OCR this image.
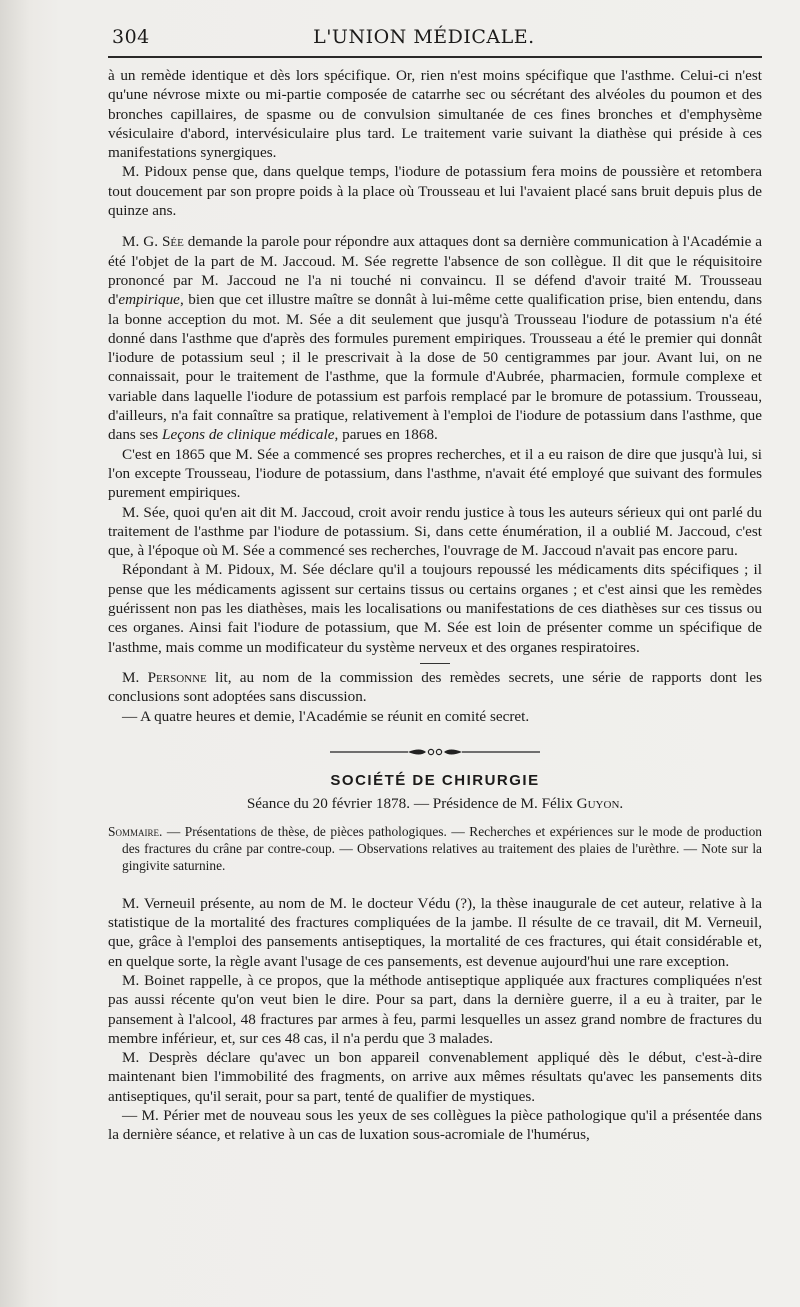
304	L'UNION MÉDICALE.

à un remède identique et dès lors spécifique. Or, rien n'est moins spécifique que l'asthme. Celui-ci n'est qu'une névrose mixte ou mi-partie composée de catarrhe sec ou sécrétant des alvéoles du poumon et des bronches capillaires, de spasme ou de convulsion simultanée de ces fines bronches et d'emphysème vésiculaire d'abord, intervésiculaire plus tard. Le traitement varie suivant la diathèse qui préside à ces manifestations synergiques.

M. Pidoux pense que, dans quelque temps, l'iodure de potassium fera moins de poussière et retombera tout doucement par son propre poids à la place où Trousseau et lui l'avaient placé sans bruit depuis plus de quinze ans.

M. G. Sée demande la parole pour répondre aux attaques dont sa dernière communication à l'Académie a été l'objet de la part de M. Jaccoud. M. Sée regrette l'absence de son collègue. Il dit que le réquisitoire prononcé par M. Jaccoud ne l'a ni touché ni convaincu. Il se défend d'avoir traité M. Trousseau d'empirique, bien que cet illustre maître se donnât à lui-même cette qualification prise, bien entendu, dans la bonne acception du mot. M. Sée a dit seulement que jusqu'à Trousseau l'iodure de potassium n'a été donné dans l'asthme que d'après des formules purement empiriques. Trousseau a été le premier qui donnât l'iodure de potassium seul ; il le prescrivait à la dose de 50 centigrammes par jour. Avant lui, on ne connaissait, pour le traitement de l'asthme, que la formule d'Aubrée, pharmacien, formule complexe et variable dans laquelle l'iodure de potassium est parfois remplacé par le bromure de potassium. Trousseau, d'ailleurs, n'a fait connaître sa pratique, relativement à l'emploi de l'iodure de potassium dans l'asthme, que dans ses Leçons de clinique médicale, parues en 1868.

C'est en 1865 que M. Sée a commencé ses propres recherches, et il a eu raison de dire que jusqu'à lui, si l'on excepte Trousseau, l'iodure de potassium, dans l'asthme, n'avait été employé que suivant des formules purement empiriques.

M. Sée, quoi qu'en ait dit M. Jaccoud, croit avoir rendu justice à tous les auteurs sérieux qui ont parlé du traitement de l'asthme par l'iodure de potassium. Si, dans cette énumération, il a oublié M. Jaccoud, c'est que, à l'époque où M. Sée a commencé ses recherches, l'ouvrage de M. Jaccoud n'avait pas encore paru.

Répondant à M. Pidoux, M. Sée déclare qu'il a toujours repoussé les médicaments dits spécifiques ; il pense que les médicaments agissent sur certains tissus ou certains organes ; et c'est ainsi que les remèdes guérissent non pas les diathèses, mais les localisations ou manifestations de ces diathèses sur ces tissus ou ces organes. Ainsi fait l'iodure de potassium, que M. Sée est loin de présenter comme un spécifique de l'asthme, mais comme un modificateur du système nerveux et des organes respiratoires.

M. Personne lit, au nom de la commission des remèdes secrets, une série de rapports dont les conclusions sont adoptées sans discussion.

— A quatre heures et demie, l'Académie se réunit en comité secret.

SOCIÉTÉ DE CHIRURGIE
Séance du 20 février 1878. — Présidence de M. Félix Guyon.
Sommaire. — Présentations de thèse, de pièces pathologiques. — Recherches et expériences sur le mode de production des fractures du crâne par contre-coup. — Observations relatives au traitement des plaies de l'urèthre. — Note sur la gingivite saturnine.

M. Verneuil présente, au nom de M. le docteur Védu (?), la thèse inaugurale de cet auteur, relative à la statistique de la mortalité des fractures compliquées de la jambe. Il résulte de ce travail, dit M. Verneuil, que, grâce à l'emploi des pansements antiseptiques, la mortalité de ces fractures, qui était considérable et, en quelque sorte, la règle avant l'usage de ces pansements, est devenue aujourd'hui une rare exception.

M. Boinet rappelle, à ce propos, que la méthode antiseptique appliquée aux fractures compliquées n'est pas aussi récente qu'on veut bien le dire. Pour sa part, dans la dernière guerre, il a eu à traiter, par le pansement à l'alcool, 48 fractures par armes à feu, parmi lesquelles un assez grand nombre de fractures du membre inférieur, et, sur ces 48 cas, il n'a perdu que 3 malades.

M. Desprès déclare qu'avec un bon appareil convenablement appliqué dès le début, c'est-à-dire maintenant bien l'immobilité des fragments, on arrive aux mêmes résultats qu'avec les pansements dits antiseptiques, qu'il serait, pour sa part, tenté de qualifier de mystiques.

— M. Périer met de nouveau sous les yeux de ses collègues la pièce pathologique qu'il a présentée dans la dernière séance, et relative à un cas de luxation sous-acromiale de l'humérus,
